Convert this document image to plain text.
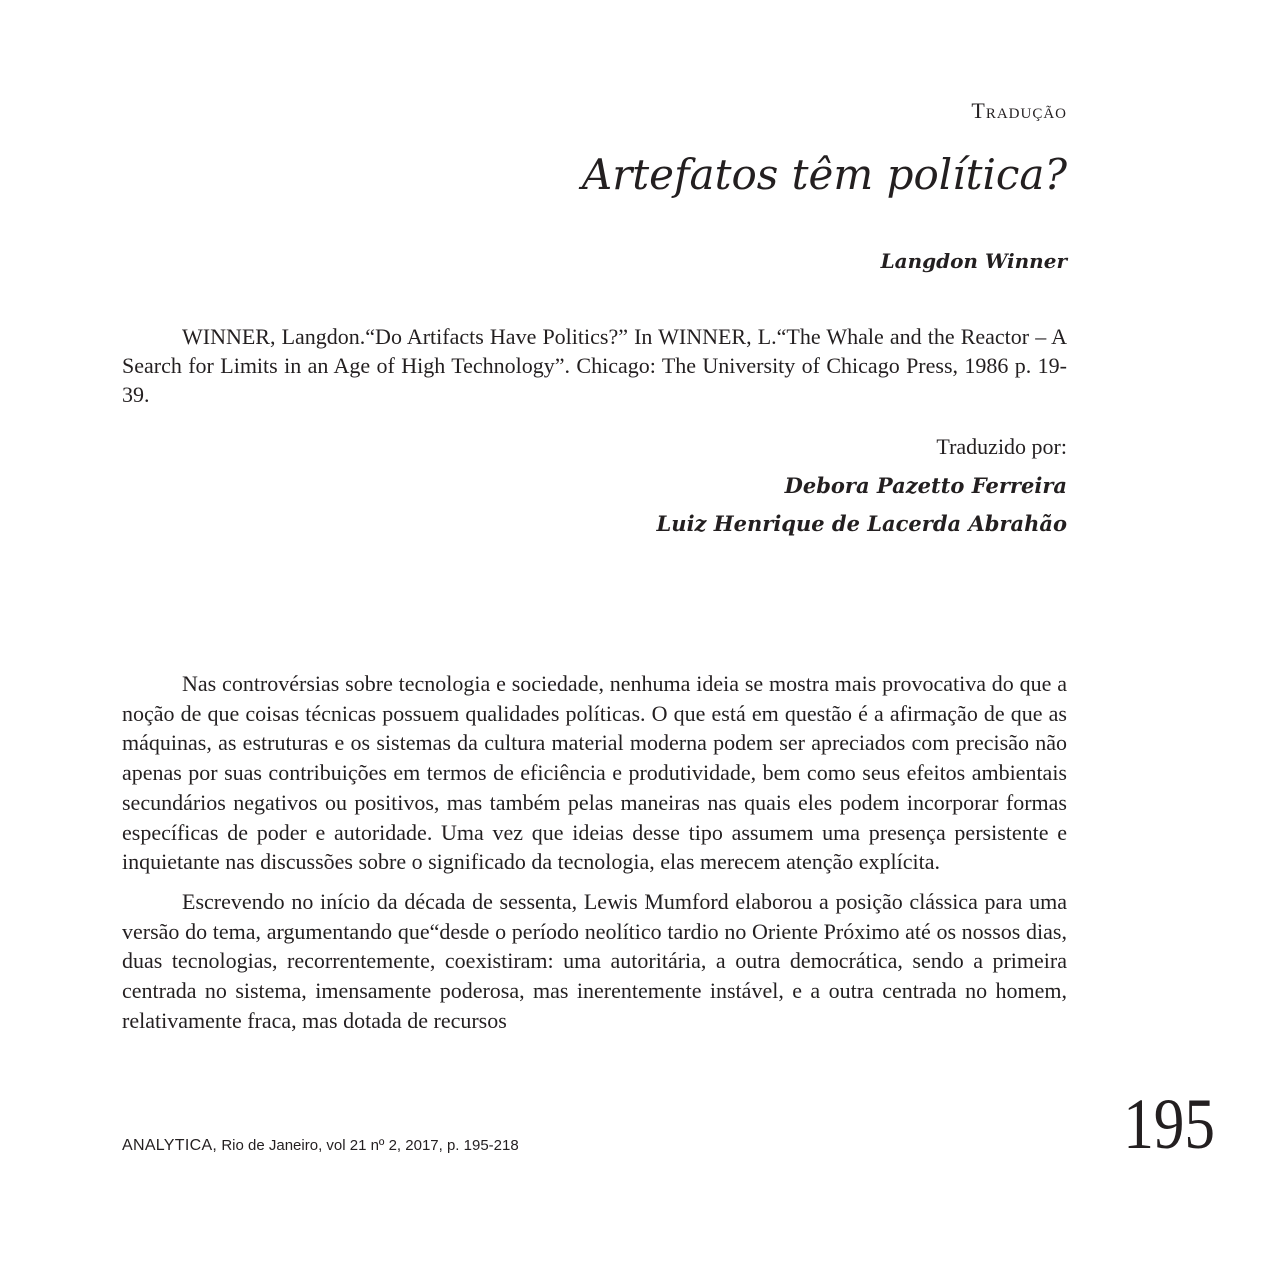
Tradução
Artefatos têm política?
Langdon Winner

WINNER, Langdon.“Do Artifacts Have Politics?” In WINNER, L.“The Whale and the Reactor – A Search for Limits in an Age of High Technology”. Chicago: The University of Chicago Press, 1986 p. 19-39.

Traduzido por:
Debora Pazetto Ferreira
Luiz Henrique de Lacerda Abrahão

Nas controvérsias sobre tecnologia e sociedade, nenhuma ideia se mostra mais provocativa do que a noção de que coisas técnicas possuem qualidades políticas. O que está em questão é a afirmação de que as máquinas, as estruturas e os sistemas da cultura material moderna podem ser apreciados com precisão não apenas por suas contribuições em termos de eficiência e produtividade, bem como seus efeitos ambientais secundários negativos ou positivos, mas também pelas maneiras nas quais eles podem incorporar formas específicas de poder e autoridade. Uma vez que ideias desse tipo assumem uma presença persistente e inquietante nas discussões sobre o significado da tecnologia, elas merecem atenção explícita.

Escrevendo no início da década de sessenta, Lewis Mumford elaborou a posição clássica para uma versão do tema, argumentando que“desde o período neolítico tardio no Oriente Próximo até os nossos dias, duas tecnologias, recorrentemente, coexistiram: uma autoritária, a outra democrática, sendo a primeira centrada no sistema, imensamente poderosa, mas inerentemente instável, e a outra centrada no homem, relativamente fraca, mas dotada de recursos

ANALYTICA, Rio de Janeiro, vol 21 nº 2, 2017, p. 195-218	195
